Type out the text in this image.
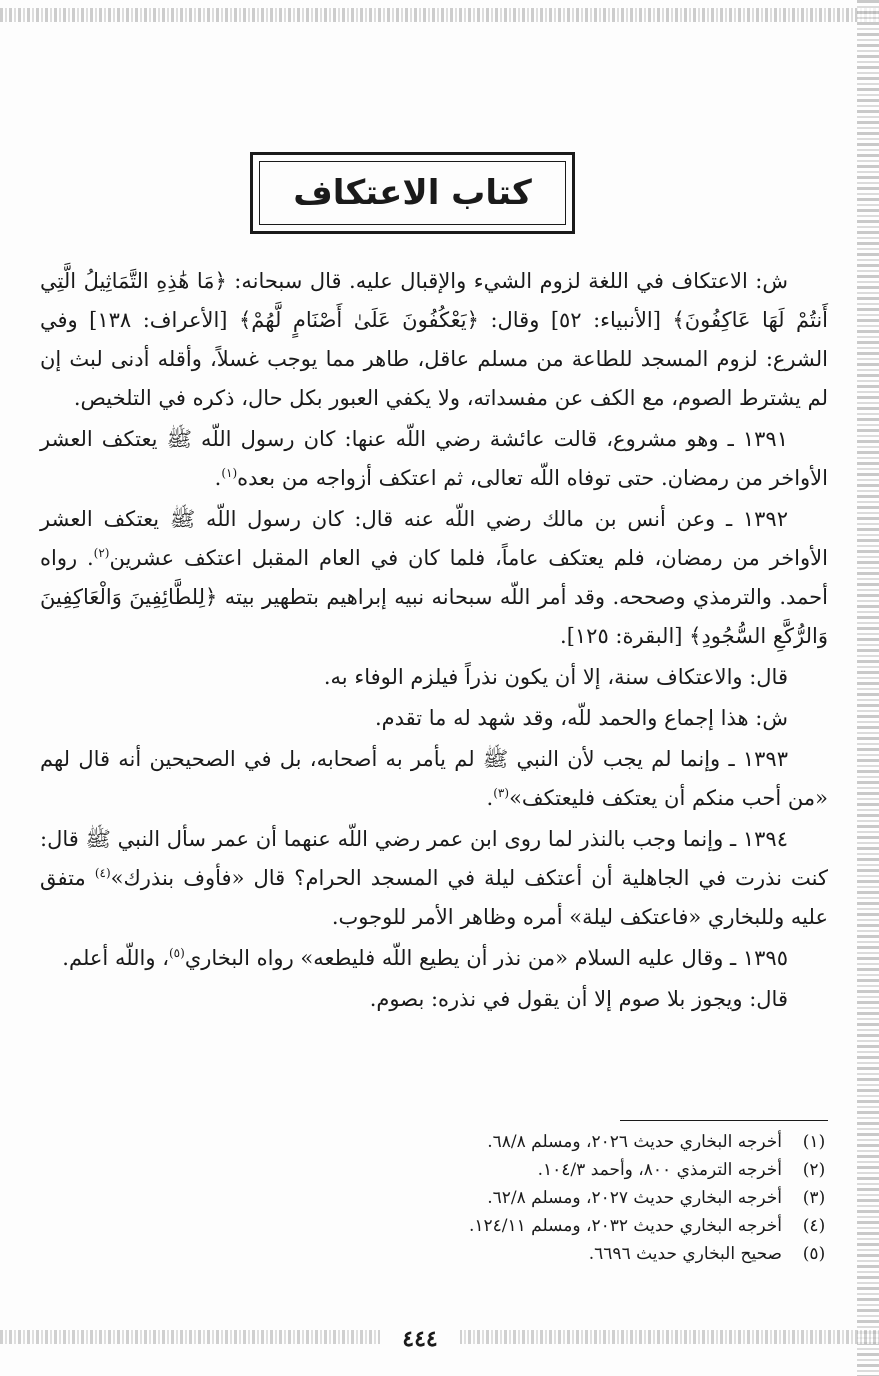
كتاب الاعتكاف

ش: الاعتكاف في اللغة لزوم الشيء والإقبال عليه. قال سبحانه: ﴿مَا هَٰذِهِ التَّمَاثِيلُ الَّتِي أَنتُمْ لَهَا عَاكِفُونَ﴾ [الأنبياء: ٥٢] وقال: ﴿يَعْكُفُونَ عَلَىٰ أَصْنَامٍ لَّهُمْ﴾ [الأعراف: ١٣٨] وفي الشرع: لزوم المسجد للطاعة من مسلم عاقل، طاهر مما يوجب غسلاً، وأقله أدنى لبث إن لم يشترط الصوم، مع الكف عن مفسداته، ولا يكفي العبور بكل حال، ذكره في التلخيص.

١٣٩١ ـ وهو مشروع، قالت عائشة رضي اللّه عنها: كان رسول اللّه ﷺ يعتكف العشر الأواخر من رمضان. حتى توفاه اللّه تعالى، ثم اعتكف أزواجه من بعده$^{(١)}$.

١٣٩٢ ـ وعن أنس بن مالك رضي اللّه عنه قال: كان رسول اللّه ﷺ يعتكف العشر الأواخر من رمضان، فلم يعتكف عاماً، فلما كان في العام المقبل اعتكف عشرين$^{(٢)}$. رواه أحمد. والترمذي وصححه. وقد أمر اللّه سبحانه نبيه إبراهيم بتطهير بيته ﴿لِلطَّائِفِينَ وَالْعَاكِفِينَ وَالرُّكَّعِ السُّجُودِ﴾ [البقرة: ١٢٥].

قال: والاعتكاف سنة، إلا أن يكون نذراً فيلزم الوفاء به.

ش: هذا إجماع والحمد للّه، وقد شهد له ما تقدم.

١٣٩٣ ـ وإنما لم يجب لأن النبي ﷺ لم يأمر به أصحابه، بل في الصحيحين أنه قال لهم «من أحب منكم أن يعتكف فليعتكف»$^{(٣)}$.

١٣٩٤ ـ وإنما وجب بالنذر لما روى ابن عمر رضي اللّه عنهما أن عمر سأل النبي ﷺ قال: كنت نذرت في الجاهلية أن أعتكف ليلة في المسجد الحرام؟ قال «فأوف بنذرك»$^{(٤)}$ متفق عليه وللبخاري «فاعتكف ليلة» أمره وظاهر الأمر للوجوب.

١٣٩٥ ـ وقال عليه السلام «من نذر أن يطيع اللّه فليطعه» رواه البخاري$^{(٥)}$، واللّه أعلم.

قال: ويجوز بلا صوم إلا أن يقول في نذره: بصوم.

(١)
أخرجه البخاري حديث ٢٠٢٦، ومسلم ٦٨/٨.
(٢)
أخرجه الترمذي ٨٠٠، وأحمد ١٠٤/٣.
(٣)
أخرجه البخاري حديث ٢٠٢٧، ومسلم ٦٢/٨.
(٤)
أخرجه البخاري حديث ٢٠٣٢، ومسلم ١٢٤/١١.
(٥)
صحيح البخاري حديث ٦٦٩٦.
٤٤٤
